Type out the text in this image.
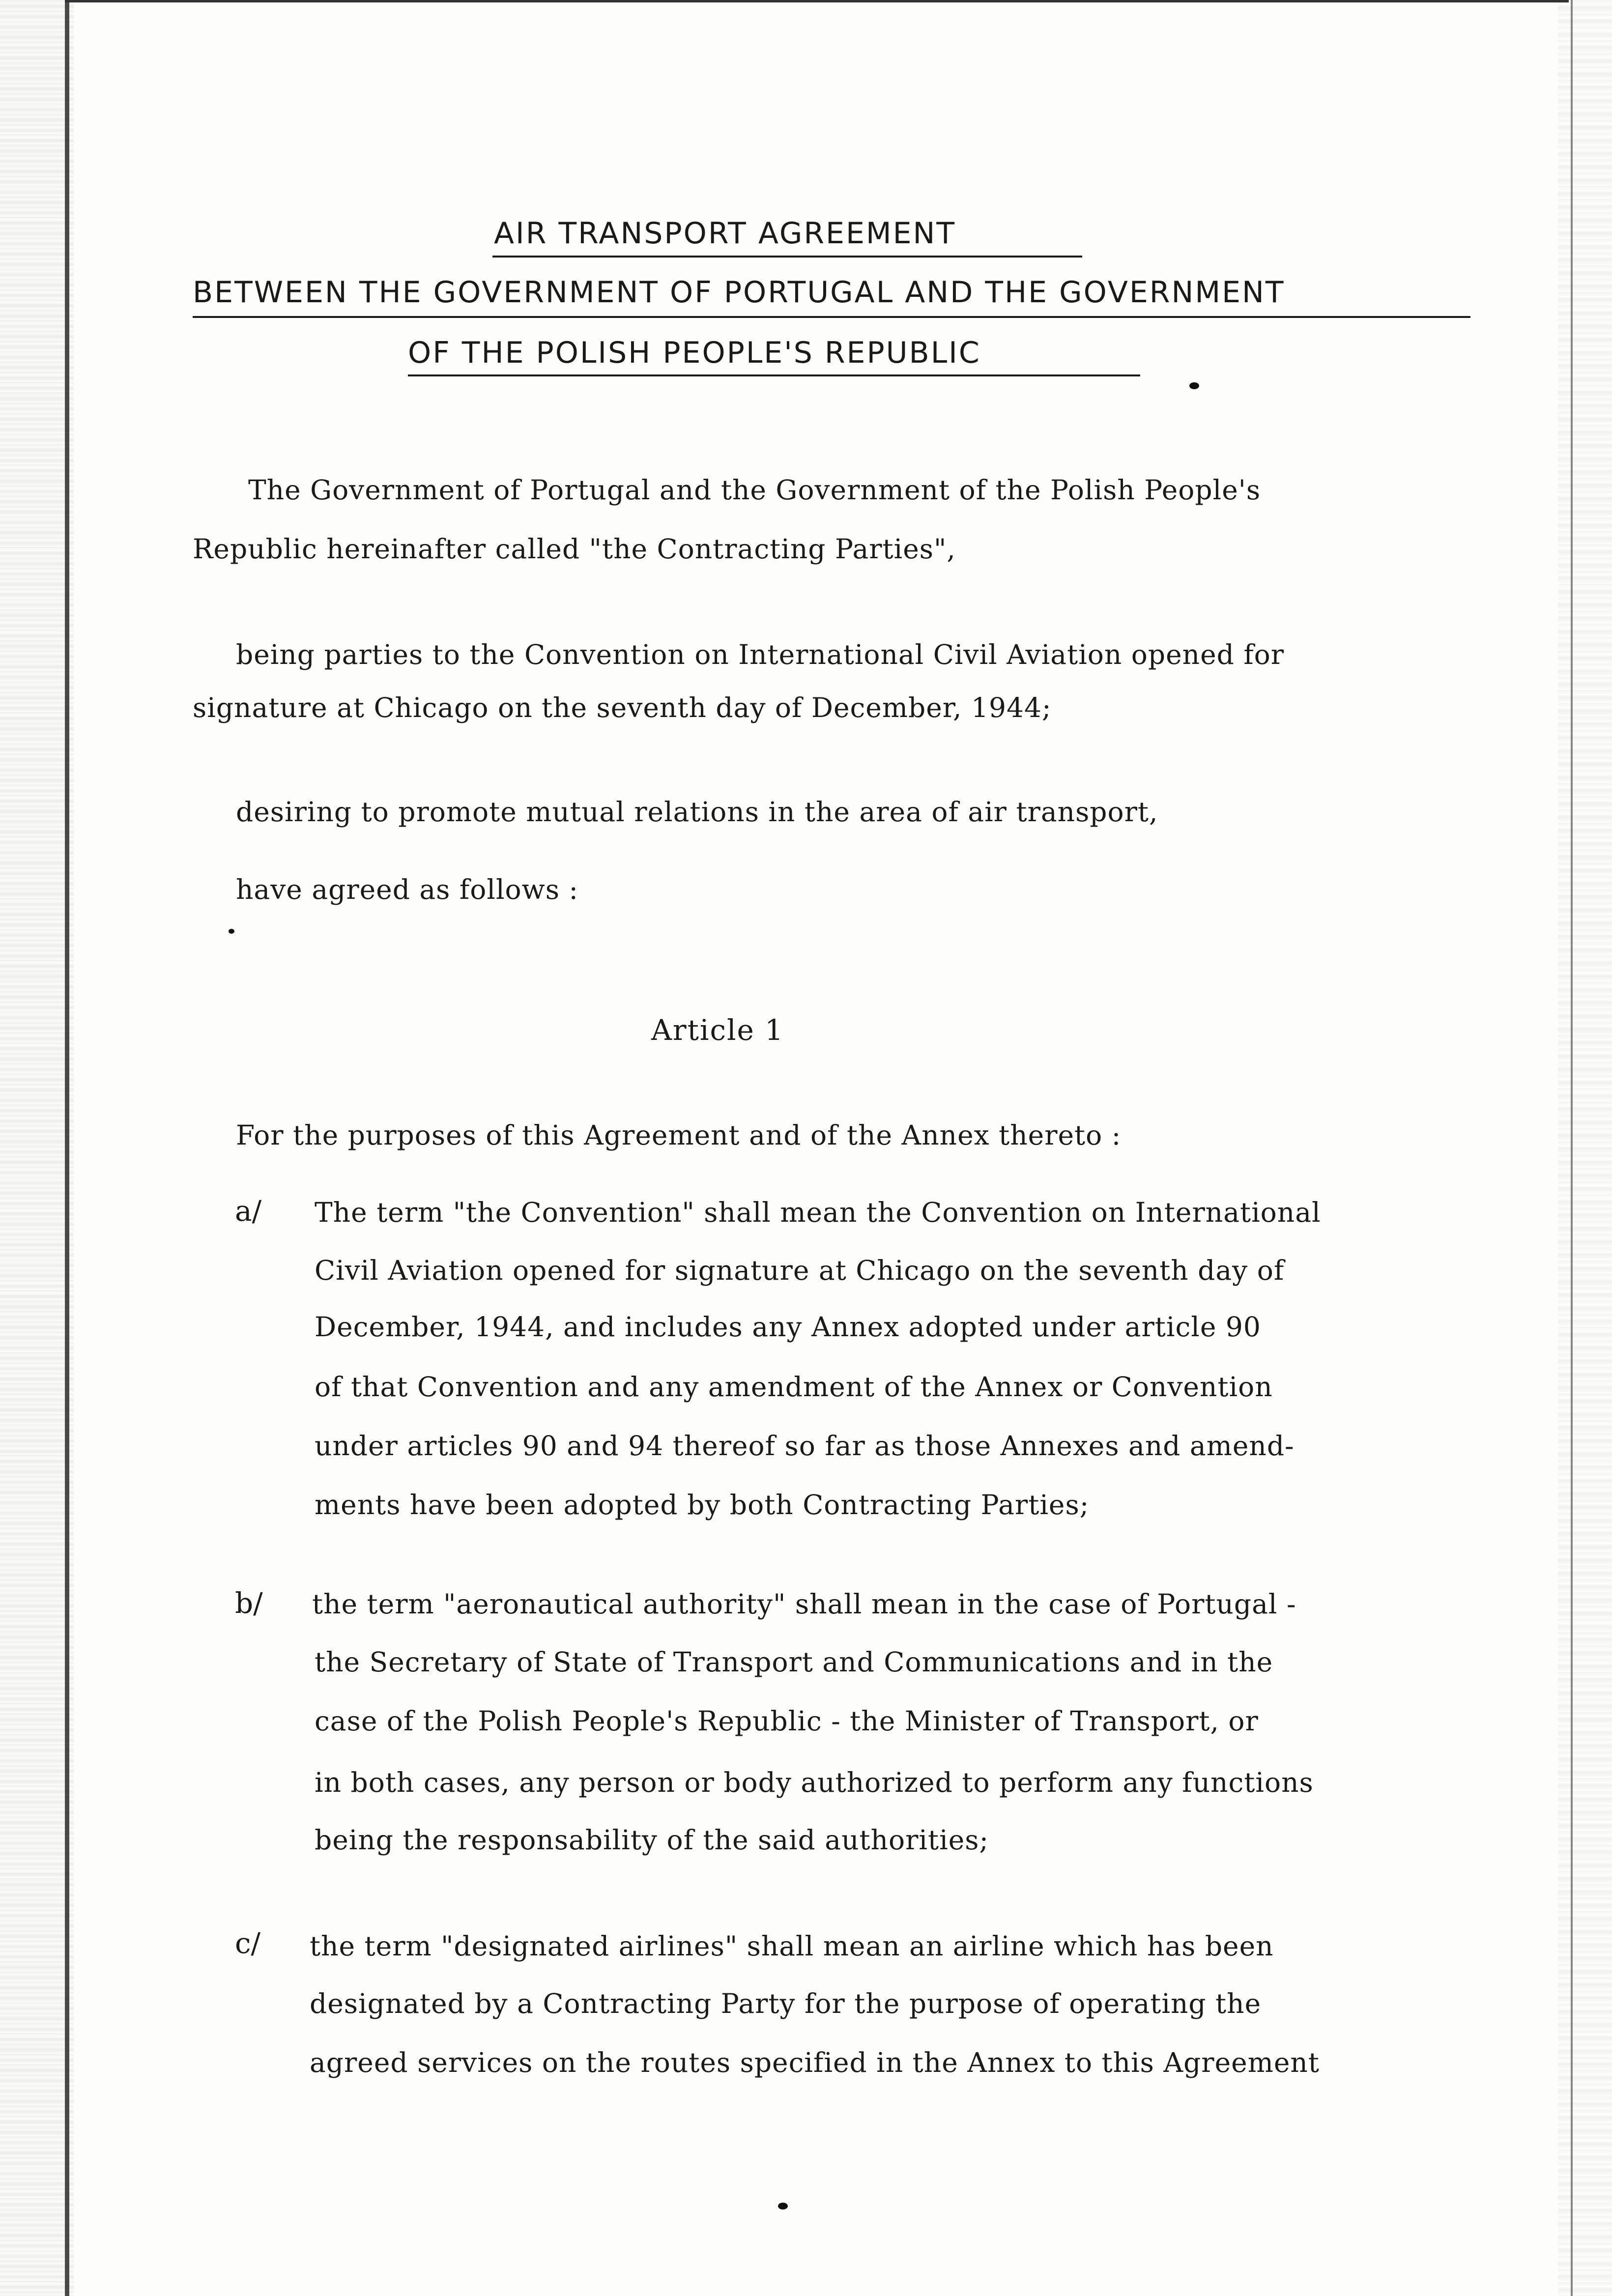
AIR TRANSPORT AGREEMENT
BETWEEN THE GOVERNMENT OF PORTUGAL AND THE GOVERNMENT
OF THE POLISH PEOPLE'S REPUBLIC
The Government of Portugal and the Government of the Polish People's
Republic hereinafter called "the Contracting Parties",
being parties to the Convention on International Civil Aviation opened for
signature at Chicago on the seventh day of December, 1944;
desiring to promote mutual relations in the area of air transport,
have agreed as follows :
Article 1
For the purposes of this Agreement and of the Annex thereto :
a/ The term "the Convention" shall mean the Convention on International
Civil Aviation opened for signature at Chicago on the seventh day of
December, 1944, and includes any Annex adopted under article 90
of that Convention and any amendment of the Annex or Convention
under articles 90 and 94 thereof so far as those Annexes and amend-
ments have been adopted by both Contracting Parties;
b/ the term "aeronautical authority" shall mean in the case of Portugal -
the Secretary of State of Transport and Communications and in the
case of the Polish People's Republic - the Minister of Transport, or
in both cases, any person or body authorized to perform any functions
being the responsability of the said authorities;
c/ the term "designated airlines" shall mean an airline which has been
designated by a Contracting Party for the purpose of operating the
agreed services on the routes specified in the Annex to this Agreement
